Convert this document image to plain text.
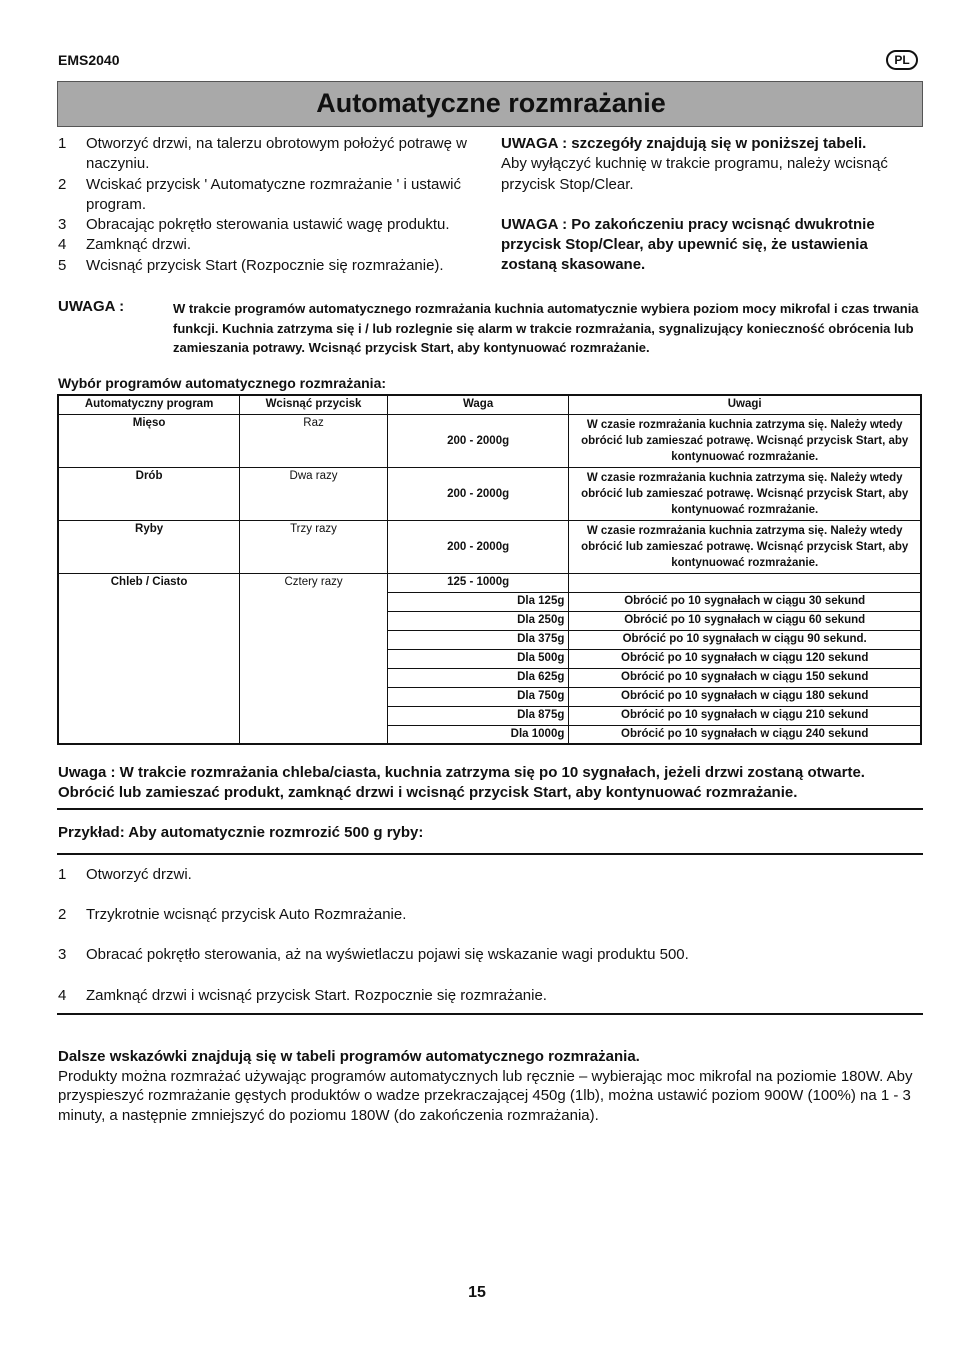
EMS2040	PL
Automatyczne rozmrażanie
1	Otworzyć drzwi, na talerzu obrotowym położyć potrawę w naczyniu.
2	Wciskać przycisk ' Automatyczne rozmrażanie ' i ustawić program.
3	Obracając pokrętło sterowania ustawić wagę produktu.
4	Zamknąć drzwi.
5	Wcisnąć przycisk Start (Rozpocznie się rozmrażanie).
UWAGA : szczegóły znajdują się w poniższej tabeli.
Aby wyłączyć kuchnię w trakcie programu, należy wcisnąć przycisk Stop/Clear.
UWAGA : Po zakończeniu pracy wcisnąć dwukrotnie przycisk Stop/Clear, aby upewnić się, że ustawienia zostaną skasowane.
UWAGA :	W trakcie programów automatycznego rozmrażania kuchnia automatycznie wybiera poziom mocy mikrofal i czas trwania funkcji. Kuchnia zatrzyma się i / lub rozlegnie się alarm w trakcie rozmrażania, sygnalizujący konieczność obrócenia lub zamieszania potrawy. Wcisnąć przycisk Start, aby kontynuować rozmrażanie.
Wybór programów automatycznego rozmrażania:
Automatyczny program	Wcisnąć przycisk	Waga	Uwagi
Mięso	Raz	200 - 2000g	W czasie rozmrażania kuchnia zatrzyma się. Należy wtedy obrócić lub zamieszać potrawę. Wcisnąć przycisk Start, aby kontynuować rozmrażanie.
Drób	Dwa razy	200 - 2000g	W czasie rozmrażania kuchnia zatrzyma się. Należy wtedy obrócić lub zamieszać potrawę. Wcisnąć przycisk Start, aby kontynuować rozmrażanie.
Ryby	Trzy razy	200 - 2000g	W czasie rozmrażania kuchnia zatrzyma się. Należy wtedy obrócić lub zamieszać potrawę. Wcisnąć przycisk Start, aby kontynuować rozmrażanie.
Chleb / Ciasto	Cztery razy	125 - 1000g	
		Dla 125g	Obrócić po 10 sygnałach w ciągu 30 sekund
		Dla 250g	Obrócić po 10 sygnałach w ciągu 60 sekund
		Dla 375g	Obrócić po 10 sygnałach w ciągu 90 sekund.
		Dla 500g	Obrócić po 10 sygnałach w ciągu 120 sekund
		Dla 625g	Obrócić po 10 sygnałach w ciągu 150 sekund
		Dla 750g	Obrócić po 10 sygnałach w ciągu 180 sekund
		Dla 875g	Obrócić po 10 sygnałach w ciągu 210 sekund
		Dla 1000g	Obrócić po 10 sygnałach w ciągu 240 sekund
Uwaga : W trakcie rozmrażania chleba/ciasta, kuchnia zatrzyma się po 10 sygnałach, jeżeli drzwi zostaną otwarte. Obrócić lub zamieszać produkt, zamknąć drzwi i wcisnąć przycisk Start, aby kontynuować rozmrażanie.
Przykład: Aby automatycznie rozmrozić 500 g ryby:
1	Otworzyć drzwi.
2	Trzykrotnie wcisnąć przycisk Auto Rozmrażanie.
3	Obracać pokrętło sterowania, aż na wyświetlaczu pojawi się wskazanie wagi produktu 500.
4	Zamknąć drzwi i wcisnąć przycisk Start. Rozpocznie się rozmrażanie.
Dalsze wskazówki znajdują się w tabeli programów automatycznego rozmrażania.
Produkty można rozmrażać używając programów automatycznych lub ręcznie – wybierając moc mikrofal na poziomie 180W. Aby przyspieszyć rozmrażanie gęstych produktów o wadze przekraczającej 450g (1lb), można ustawić poziom 900W (100%) na 1 - 3 minuty, a następnie zmniejszyć do poziomu 180W (do zakończenia rozmrażania).
15
